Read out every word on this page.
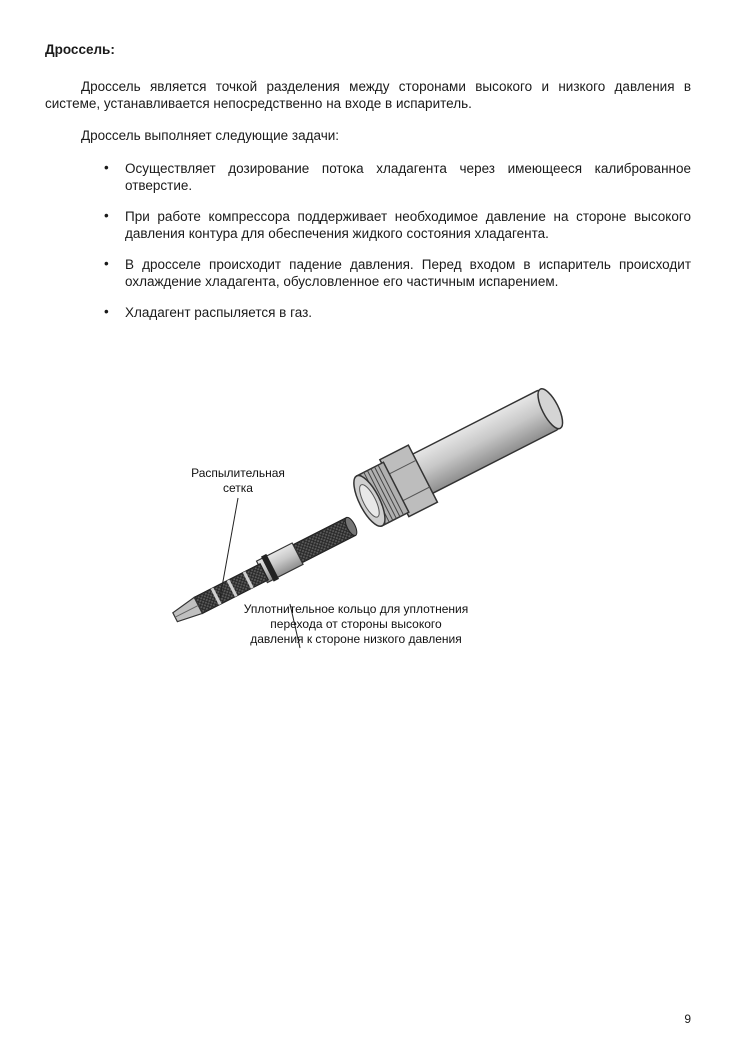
Дроссель:
Дроссель является точкой разделения между сторонами высокого и низкого давления в системе, устанавливается непосредственно на входе в испаритель.
Дроссель выполняет следующие задачи:
• Осуществляет дозирование потока хладагента через имеющееся калиброванное отверстие.
• При работе компрессора поддерживает необходимое давление на стороне высокого давления контура для обеспечения жидкого состояния хладагента.
• В дросселе происходит падение давления. Перед входом в испаритель происходит охлаждение хладагента, обусловленное его частичным испарением.
• Хладагент распыляется в газ.
Распылительная
сетка
Уплотнительное кольцо для уплотнения
перехода от стороны высокого
давления к стороне низкого давления
9
